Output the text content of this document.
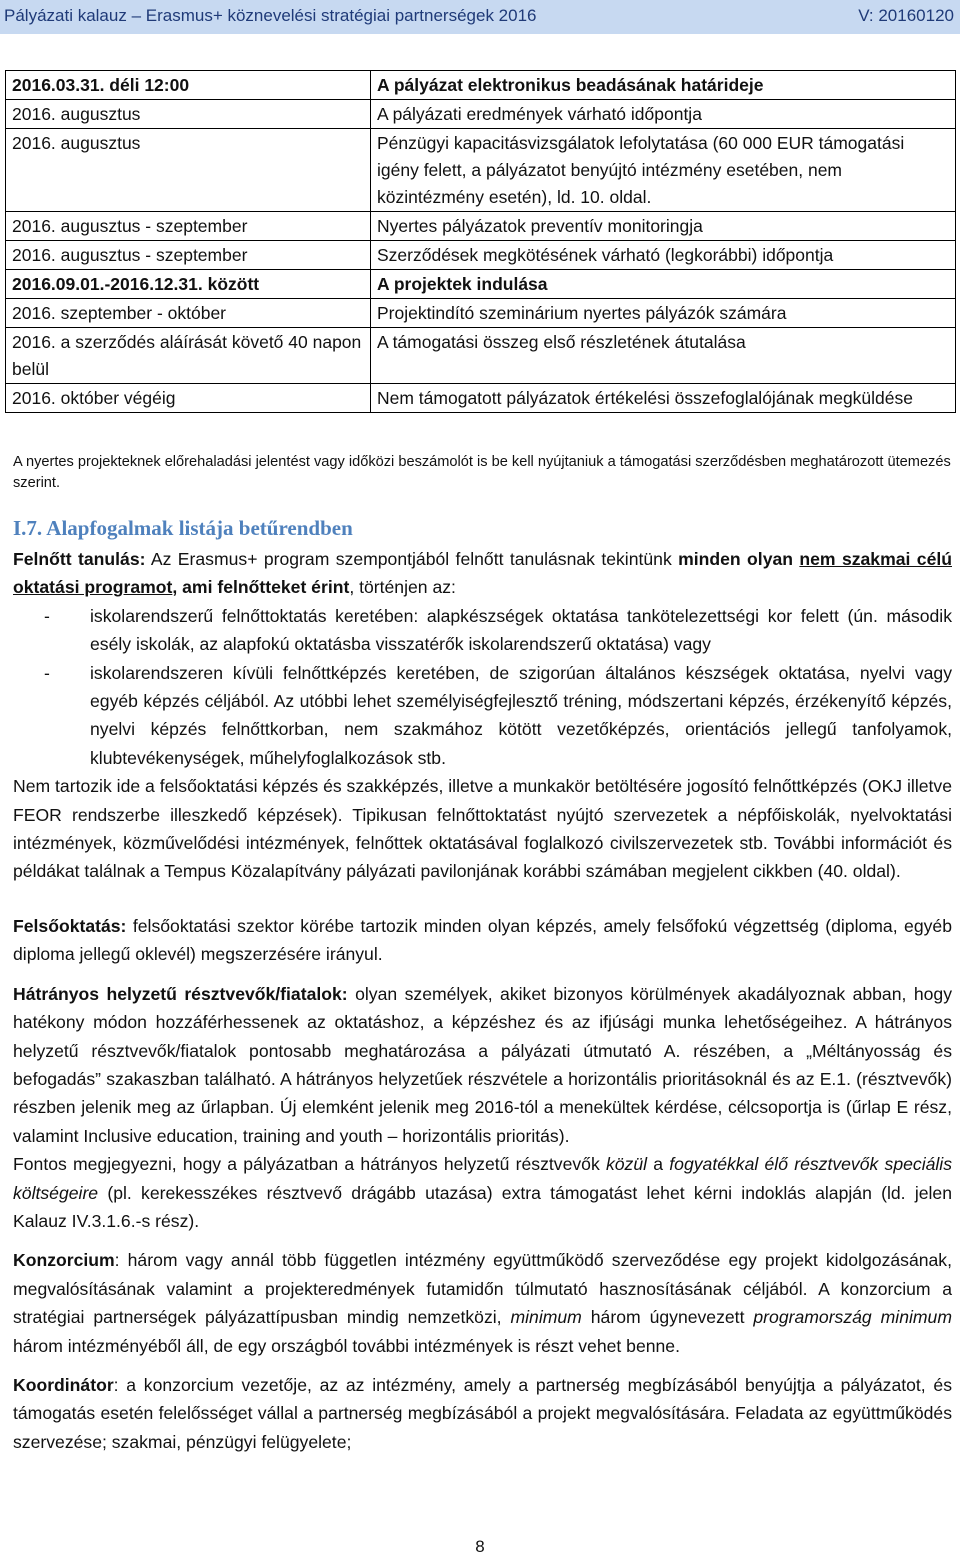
Pályázati kalauz – Erasmus+ köznevelési stratégiai partnerségek 2016	V: 20160120
2016.03.31. déli 12:00	A pályázat elektronikus beadásának határideje
2016. augusztus	A pályázati eredmények várható időpontja
2016. augusztus	Pénzügyi kapacitásvizsgálatok lefolytatása (60 000 EUR támogatási igény felett, a pályázatot benyújtó intézmény esetében, nem közintézmény esetén), ld. 10. oldal.
2016. augusztus - szeptember	Nyertes pályázatok preventív monitoringja
2016. augusztus - szeptember	Szerződések megkötésének várható (legkorábbi) időpontja
2016.09.01.-2016.12.31. között	A projektek indulása
2016. szeptember - október	Projektindító szeminárium nyertes pályázók számára
2016. a szerződés aláírását követő 40 napon belül	A támogatási összeg első részletének átutalása
2016. október végéig	Nem támogatott pályázatok értékelési összefoglalójának megküldése
A nyertes projekteknek előrehaladási jelentést vagy időközi beszámolót is be kell nyújtaniuk a támogatási szerződésben meghatározott ütemezés szerint.
I.7. Alapfogalmak listája betűrendben

Felnőtt tanulás: Az Erasmus+ program szempontjából felnőtt tanulásnak tekintünk minden olyan nem szakmai célú oktatási programot, ami felnőtteket érint, történjen az:

- iskolarendszerű felnőttoktatás keretében: alapkészségek oktatása tankötelezettségi kor felett (ún. második esély iskolák, az alapfokú oktatásba visszatérők iskolarendszerű oktatása) vagy
- iskolarendszeren kívüli felnőttképzés keretében, de szigorúan általános készségek oktatása, nyelvi vagy egyéb képzés céljából. Az utóbbi lehet személyiségfejlesztő tréning, módszertani képzés, érzékenyítő képzés, nyelvi képzés felnőttkorban, nem szakmához kötött vezetőképzés, orientációs jellegű tanfolyamok, klubtevékenységek, műhelyfoglalkozások stb.

Nem tartozik ide a felsőoktatási képzés és szakképzés, illetve a munkakör betöltésére jogosító felnőttképzés (OKJ illetve FEOR rendszerbe illeszkedő képzések). Tipikusan felnőttoktatást nyújtó szervezetek a népfőiskolák, nyelvoktatási intézmények, közművelődési intézmények, felnőttek oktatásával foglalkozó civilszervezetek stb. További információt és példákat találnak a Tempus Közalapítvány pályázati pavilonjának korábbi számában megjelent cikkben (40. oldal).

Felsőoktatás: felsőoktatási szektor körébe tartozik minden olyan képzés, amely felsőfokú végzettség (diploma, egyéb diploma jellegű oklevél) megszerzésére irányul.

Hátrányos helyzetű résztvevők/fiatalok: olyan személyek, akiket bizonyos körülmények akadályoznak abban, hogy hatékony módon hozzáférhessenek az oktatáshoz, a képzéshez és az ifjúsági munka lehetőségeihez. A hátrányos helyzetű résztvevők/fiatalok pontosabb meghatározása a pályázati útmutató A. részében, a „Méltányosság és befogadás” szakaszban található. A hátrányos helyzetűek részvétele a horizontális prioritásoknál és az E.1. (résztvevők) részben jelenik meg az űrlapban. Új elemként jelenik meg 2016-tól a menekültek kérdése, célcsoportja is (űrlap E rész, valamint Inclusive education, training and youth – horizontális prioritás).

Fontos megjegyezni, hogy a pályázatban a hátrányos helyzetű résztvevők közül a fogyatékkal élő résztvevők speciális költségeire (pl. kerekesszékes résztvevő drágább utazása) extra támogatást lehet kérni indoklás alapján (ld. jelen Kalauz IV.3.1.6.-s rész).

Konzorcium: három vagy annál több független intézmény együttműködő szerveződése egy projekt kidolgozásának, megvalósításának valamint a projekteredmények futamidőn túlmutató hasznosításának céljából. A konzorcium a stratégiai partnerségek pályázattípusban mindig nemzetközi, minimum három úgynevezett programország minimum három intézményéből áll, de egy országból további intézmények is részt vehet benne.

Koordinátor: a konzorcium vezetője, az az intézmény, amely a partnerség megbízásából benyújtja a pályázatot, és támogatás esetén felelősséget vállal a partnerség megbízásából a projekt megvalósítására. Feladata az együttműködés szervezése; szakmai, pénzügyi felügyelete;

8
